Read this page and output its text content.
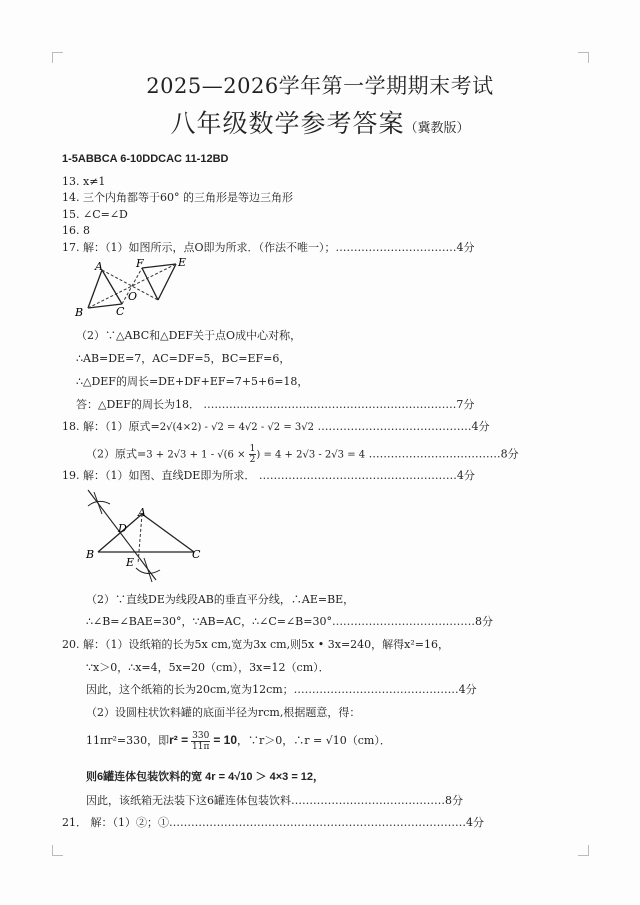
2025—2026学年第一学期期末考试
八年级数学参考答案（冀教版）
1-5ABBCA 6-10DDCAC 11-12BD
13. x≠1
14. 三个内角都等于60° 的三角形是等边三角形
15. ∠C=∠D
16. 8
17. 解：（1）如图所示，点O即为所求．（作法不唯一）；……………………………4分
A
B	C
O
F	E
（2）∵△ABC和△DEF关于点O成中心对称，
∴AB=DE=7，AC=DF=5，BC=EF=6，
∴△DEF的周长=DE+DF+EF=7+5+6=18，
答：△DEF的周长为18． ……………………………………………………………7分
18. 解：（1）原式=2√(4×2) - √2 = 4√2 - √2 = 3√2 ……………………………………4分
（2）原式$=3 + 2√3 + 1 - √(6 \times \frac{1}{2}$ ) = 4 + 2√3 - 2√3 = 4 ………………………………8分
19. 解：（1）如图、直线DE即为所求． ………………………………………………4分
A
B	C
D
E
（2）∵直线DE为线段AB的垂直平分线，∴AE=BE，
∴∠B=∠BAE=30°，∵AB=AC，∴∠C=∠B=30°…………………………………8分
20. 解：（1）设纸箱的长为5x cm,宽为3x cm,则5x • 3x=240，解得x²=16，
∵x＞0，∴x=4，5x=20（cm），3x=12（cm）．
因此，这个纸箱的长为20cm,宽为12cm；………………………………………4分
（2）设圆柱状饮料罐的底面半径为rcm,根据题意，得：
11πr²=330，即$r^2 = \frac{330}{11\pi} = 10$，∵r＞0，∴r = √10（cm）．
则6罐连体包装饮料的宽 4r = 4√10 ＞ 4×3 = 12，
因此，该纸箱无法装下这6罐连体包装饮料……………………………………8分
21． 解：（1）②；①………………………………………………………………………4分
